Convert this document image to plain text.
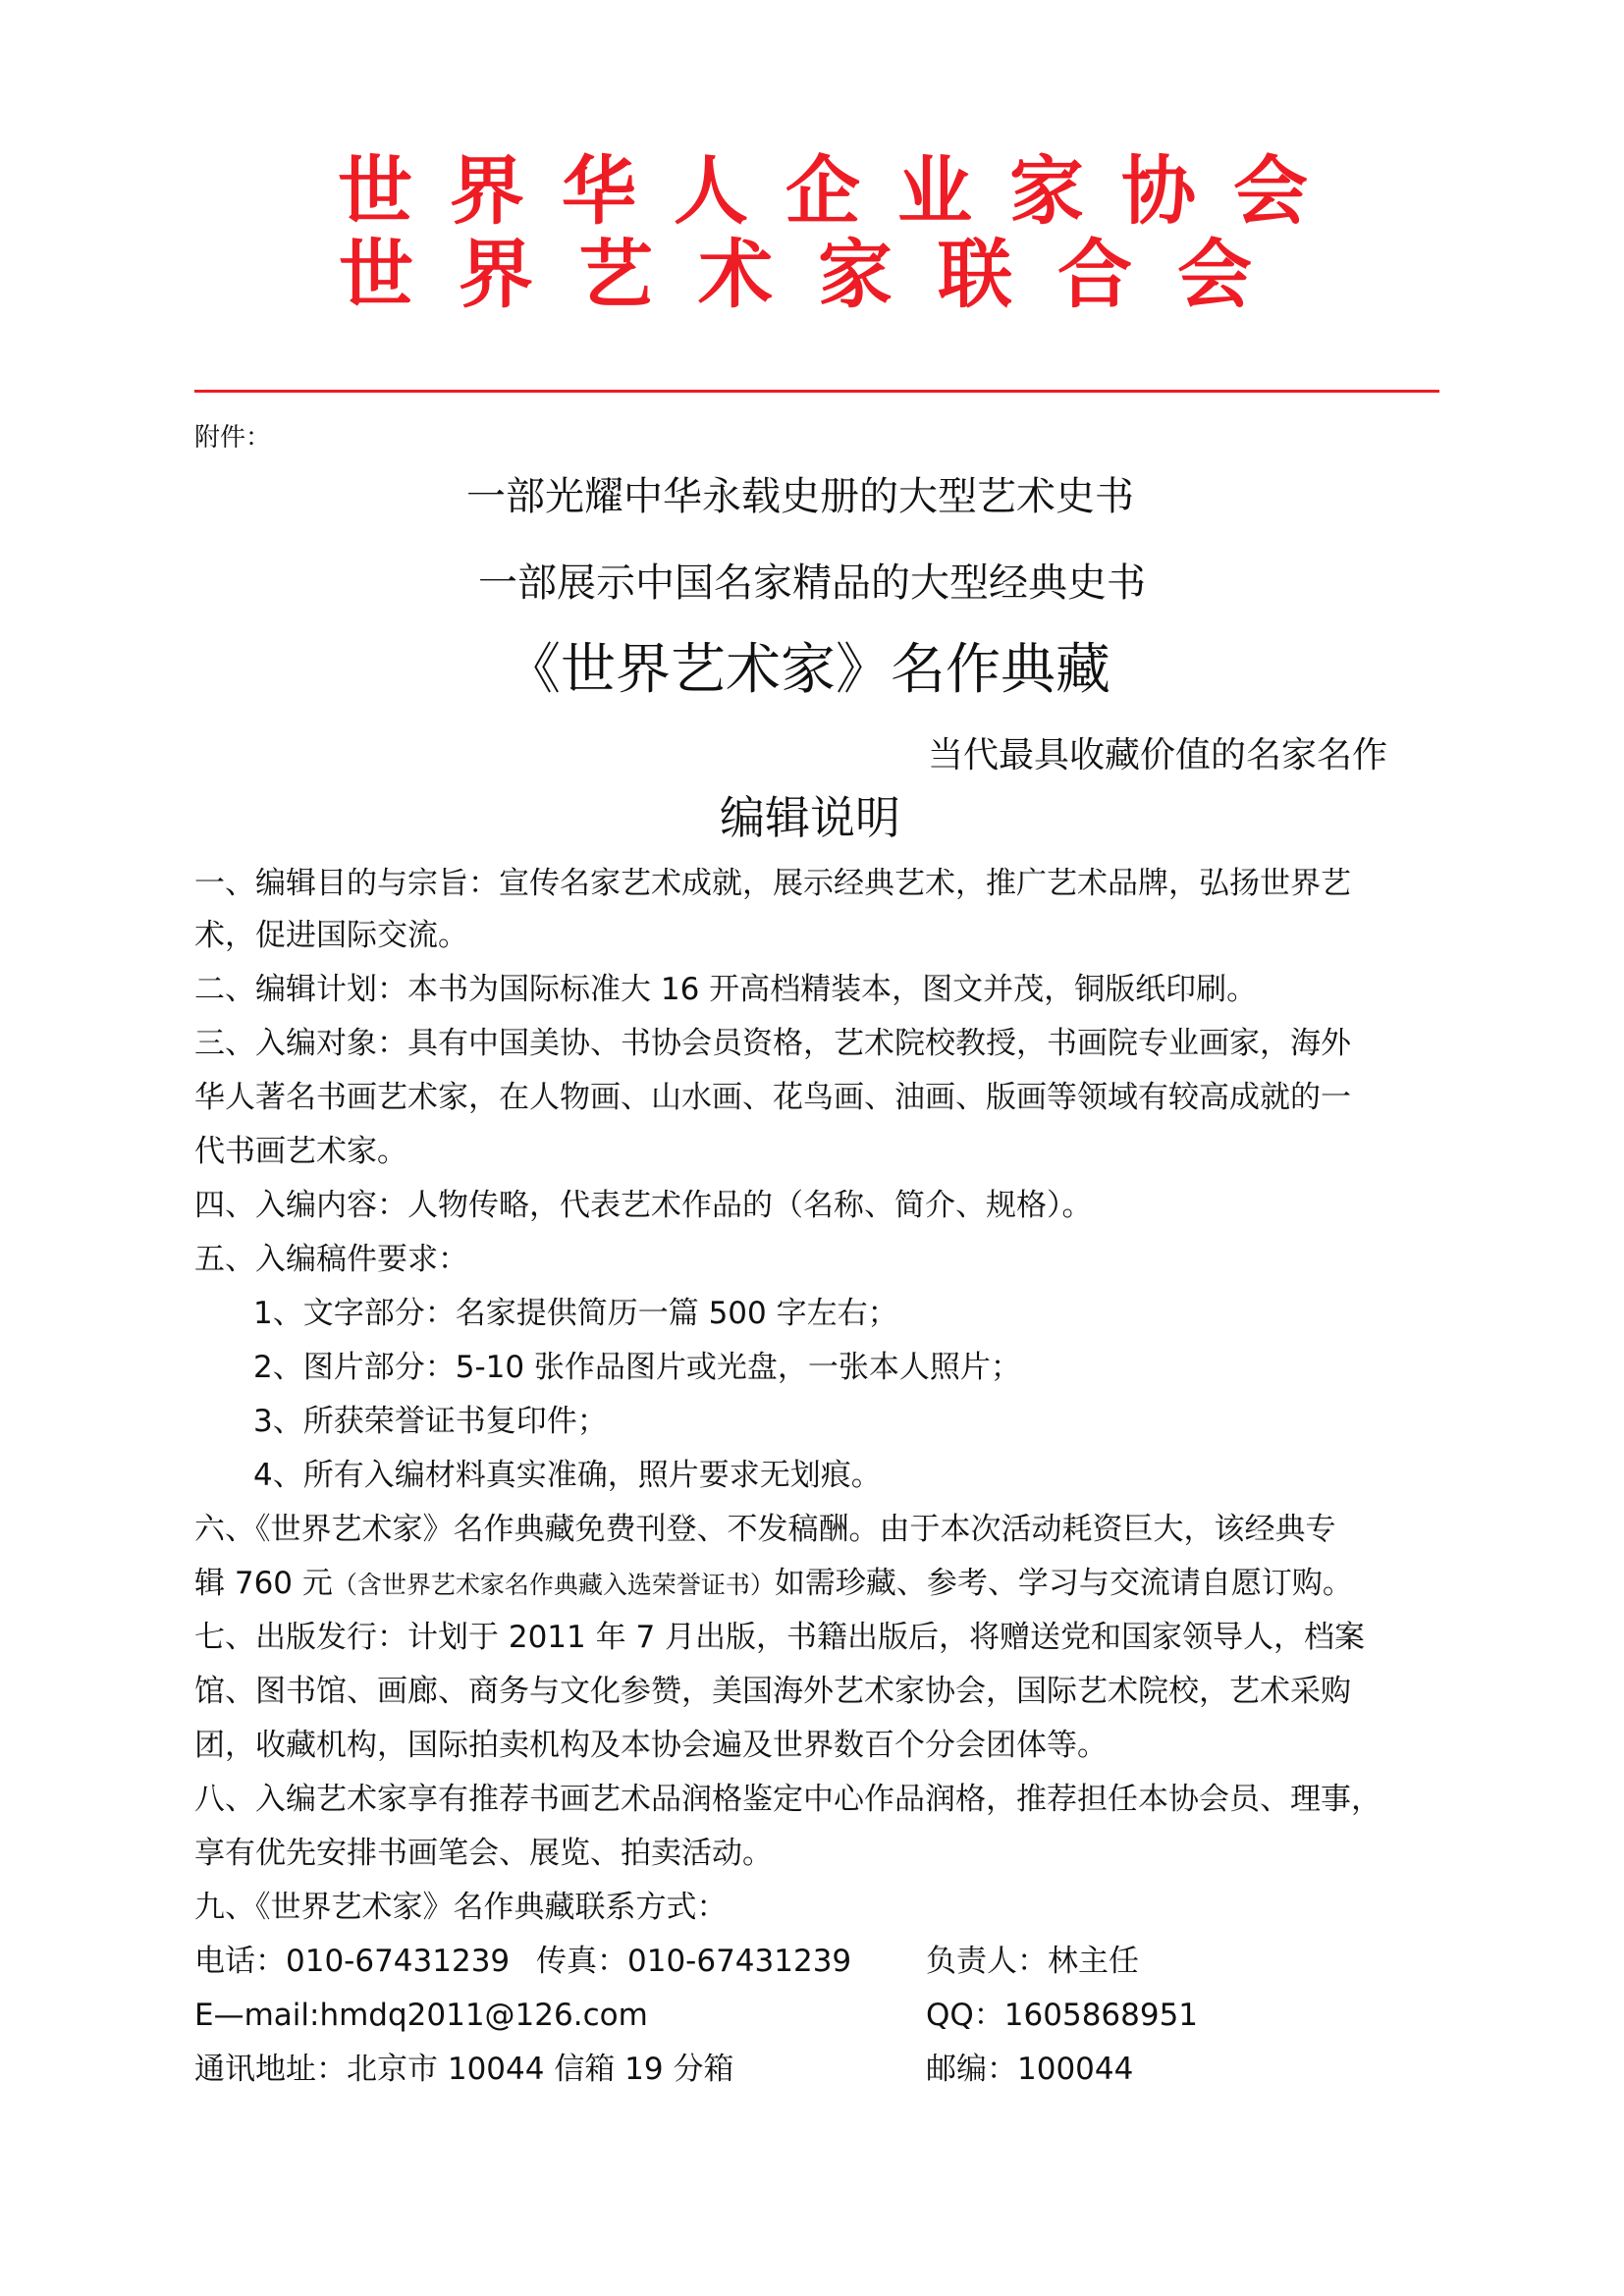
世界华人企业家协会
世界艺术家联合会
附件：
一部光耀中华永载史册的大型艺术史书
一部展示中国名家精品的大型经典史书
《世界艺术家》名作典藏
当代最具收藏价值的名家名作
编辑说明
一、编辑目的与宗旨：宣传名家艺术成就，展示经典艺术，推广艺术品牌，弘扬世界艺
术，促进国际交流。
二、编辑计划：本书为国际标准大 16 开高档精装本，图文并茂，铜版纸印刷。
三、入编对象：具有中国美协、书协会员资格，艺术院校教授，书画院专业画家，海外
华人著名书画艺术家，在人物画、山水画、花鸟画、油画、版画等领域有较高成就的一
代书画艺术家。
四、入编内容：人物传略，代表艺术作品的（名称、简介、规格）。
五、入编稿件要求：
1、文字部分：名家提供简历一篇 500 字左右；
2、图片部分：5-10 张作品图片或光盘，一张本人照片；
3、所获荣誉证书复印件；
4、所有入编材料真实准确，照片要求无划痕。
六、《世界艺术家》名作典藏免费刊登、不发稿酬。由于本次活动耗资巨大，该经典专
辑 760 元（含世界艺术家名作典藏入选荣誉证书）如需珍藏、参考、学习与交流请自愿订购。
七、出版发行：计划于 2011 年 7 月出版，书籍出版后，将赠送党和国家领导人，档案
馆、图书馆、画廊、商务与文化参赞，美国海外艺术家协会，国际艺术院校，艺术采购
团，收藏机构，国际拍卖机构及本协会遍及世界数百个分会团体等。
八、入编艺术家享有推荐书画艺术品润格鉴定中心作品润格，推荐担任本协会员、理事，
享有优先安排书画笔会、展览、拍卖活动。
九、《世界艺术家》名作典藏联系方式：
电话：010-67431239 传真：010-67431239 负责人：林主任
E—mail:hmdq2011@126.com	QQ：1605868951
通讯地址：北京市 10044 信箱 19 分箱	邮编：100044
